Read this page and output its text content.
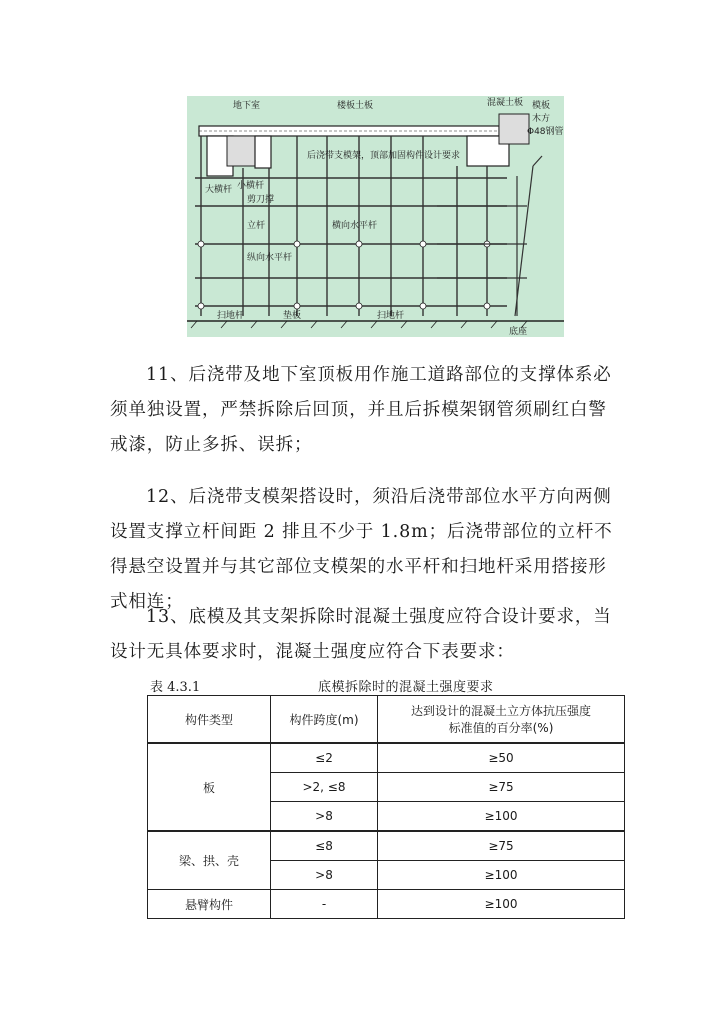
地下室	楼板土板	混凝土板 模板
木方
Φ48钢管
后浇带支模架，顶部加固构件设计要求
大横杆 小横杆
剪刀撑
立杆	横向水平杆
纵向水平杆
扫地杆	垫板	扫地杆
底座

11、后浇带及地下室顶板用作施工道路部位的支撑体系必须单独设置，严禁拆除后回顶，并且后拆模架钢管须刷红白警戒漆，防止多拆、误拆；

12、后浇带支模架搭设时，须沿后浇带部位水平方向两侧设置支撑立杆间距 2 排且不少于 1.8m；后浇带部位的立杆不得悬空设置并与其它部位支模架的水平杆和扫地杆采用搭接形式相连；

13、底模及其支架拆除时混凝土强度应符合设计要求，当设计无具体要求时，混凝土强度应符合下表要求：

表 4.3.1	底模拆除时的混凝土强度要求
构件类型	构件跨度(m)	达到设计的混凝土立方体抗压强度
标准值的百分率(%)

板	≤2	≥50
	>2, ≤8	≥75
	>8	≥100
梁、拱、壳	≤8	≥75
	>8	≥100
悬臂构件	-	≥100
